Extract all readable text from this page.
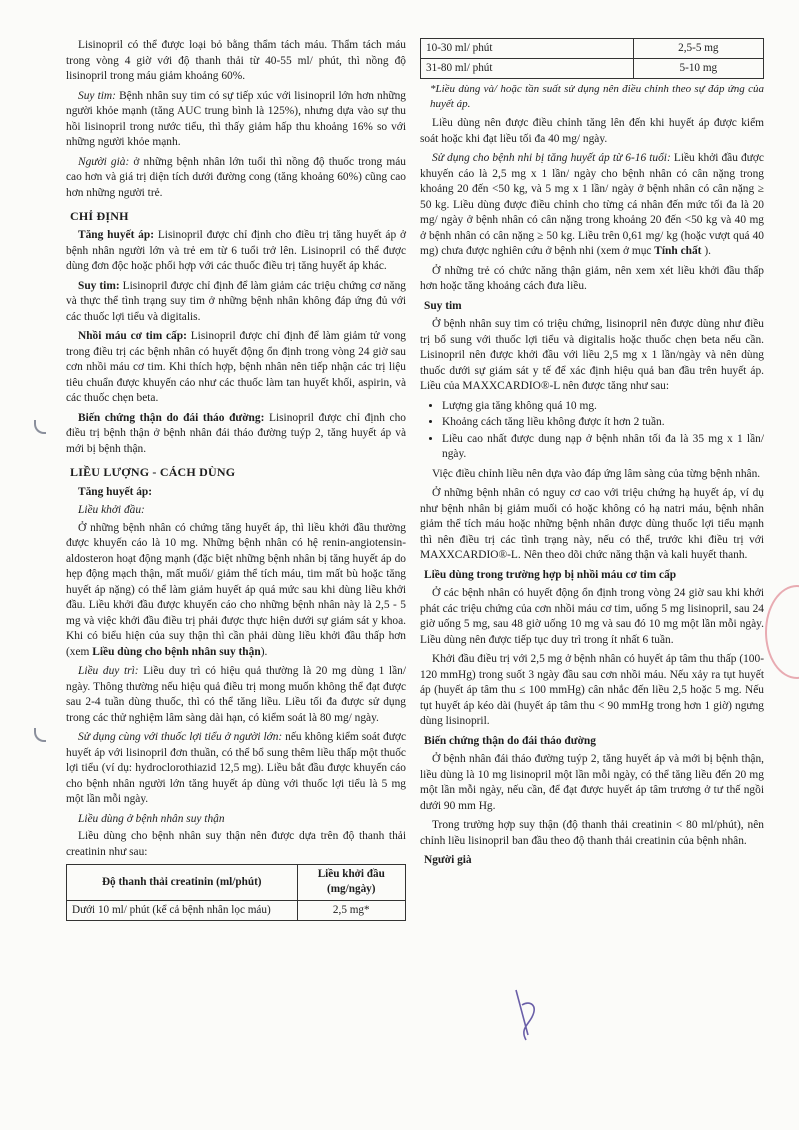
Lisinopril có thể được loại bỏ bằng thẩm tách máu. Thẩm tách máu trong vòng 4 giờ với độ thanh thải từ 40-55 ml/ phút, thì nồng độ lisinopril trong máu giảm khoảng 60%.

Suy tim: Bệnh nhân suy tim có sự tiếp xúc với lisinopril lớn hơn những người khỏe mạnh (tăng AUC trung bình là 125%), nhưng dựa vào sự thu hồi lisinopril trong nước tiểu, thì thấy giảm hấp thu khoảng 16% so với những người khỏe mạnh.

Người già: ở những bệnh nhân lớn tuổi thì nồng độ thuốc trong máu cao hơn và giá trị diện tích dưới đường cong (tăng khoảng 60%) cũng cao hơn những người trẻ.

CHỈ ĐỊNH

Tăng huyết áp: Lisinopril được chỉ định cho điều trị tăng huyết áp ở bệnh nhân người lớn và trẻ em từ 6 tuổi trở lên. Lisinopril có thể được dùng đơn độc hoặc phối hợp với các thuốc điều trị tăng huyết áp khác.

Suy tim: Lisinopril được chỉ định để làm giảm các triệu chứng cơ năng và thực thể tình trạng suy tim ở những bệnh nhân không đáp ứng đủ với các thuốc lợi tiểu và digitalis.

Nhồi máu cơ tim cấp: Lisinopril được chỉ định để làm giảm tử vong trong điều trị các bệnh nhân có huyết động ổn định trong vòng 24 giờ sau cơn nhồi máu cơ tim. Khi thích hợp, bệnh nhân nên tiếp nhận các trị liệu tiêu chuẩn được khuyến cáo như các thuốc làm tan huyết khối, aspirin, và các thuốc chẹn beta.

Biến chứng thận do đái tháo đường: Lisinopril được chỉ định cho điều trị bệnh thận ở bệnh nhân đái tháo đường tuýp 2, tăng huyết áp và mới bị bệnh thận.

LIỀU LƯỢNG - CÁCH DÙNG
Tăng huyết áp:
Liều khởi đầu:

Ở những bệnh nhân có chứng tăng huyết áp, thì liều khởi đầu thường được khuyến cáo là 10 mg. Những bệnh nhân có hệ renin-angiotensin-aldosteron hoạt động mạnh (đặc biệt những bệnh nhân bị tăng huyết áp do hẹp động mạch thận, mất muối/ giảm thể tích máu, tim mất bù hoặc tăng huyết áp nặng) có thể làm giảm huyết áp quá mức sau khi dùng liều khởi đầu. Liều khởi đầu được khuyến cáo cho những bệnh nhân này là 2,5 - 5 mg và việc khởi đầu điều trị phải được thực hiện dưới sự giám sát y khoa. Khi có biểu hiện của suy thận thì cần phải dùng liều khởi đầu thấp hơn (xem Liều dùng cho bệnh nhân suy thận).

Liều duy trì: Liều duy trì có hiệu quả thường là 20 mg dùng 1 lần/ ngày. Thông thường nếu hiệu quả điều trị mong muốn không thể đạt được sau 2-4 tuần dùng thuốc, thì có thể tăng liều. Liều tối đa được sử dụng trong các thử nghiệm lâm sàng dài hạn, có kiểm soát là 80 mg/ ngày.

Sử dụng cùng với thuốc lợi tiểu ở người lớn: nếu không kiểm soát được huyết áp với lisinopril đơn thuần, có thể bổ sung thêm liều thấp một thuốc lợi tiểu (ví dụ: hydroclorothiazid 12,5 mg). Liều bắt đầu được khuyến cáo cho bệnh nhân người lớn tăng huyết áp dùng với thuốc lợi tiểu là 5 mg một lần mỗi ngày.

Liều dùng ở bệnh nhân suy thận

Liều dùng cho bệnh nhân suy thận nên được dựa trên độ thanh thải creatinin như sau:

Độ thanh thải creatinin (ml/phút)	Liều khởi đầu (mg/ngày)
Dưới 10 ml/ phút (kể cả bệnh nhân lọc máu)	2,5 mg*
10-30 ml/ phút	2,5-5 mg
31-80 ml/ phút	5-10 mg

*Liều dùng và/ hoặc tần suất sử dụng nên điều chỉnh theo sự đáp ứng của huyết áp.

Liều dùng nên được điều chỉnh tăng lên đến khi huyết áp được kiểm soát hoặc khi đạt liều tối đa 40 mg/ ngày.

Sử dụng cho bệnh nhi bị tăng huyết áp từ 6-16 tuổi: Liều khởi đầu được khuyến cáo là 2,5 mg x 1 lần/ ngày cho bệnh nhân có cân nặng trong khoảng 20 đến <50 kg, và 5 mg x 1 lần/ ngày ở bệnh nhân có cân nặng ≥ 50 kg. Liều dùng được điều chỉnh cho từng cá nhân đến mức tối đa là 20 mg/ ngày ở bệnh nhân có cân nặng trong khoảng 20 đến <50 kg và 40 mg ở bệnh nhân có cân nặng ≥ 50 kg. Liều trên 0,61 mg/ kg (hoặc vượt quá 40 mg) chưa được nghiên cứu ở bệnh nhi (xem ở mục Tính chất ).

Ở những trẻ có chức năng thận giảm, nên xem xét liều khởi đầu thấp hơn hoặc tăng khoảng cách đưa liều.

Suy tim

Ở bệnh nhân suy tim có triệu chứng, lisinopril nên được dùng như điều trị bổ sung với thuốc lợi tiểu và digitalis hoặc thuốc chẹn beta nếu cần. Lisinopril nên được khởi đầu với liều 2,5 mg x 1 lần/ngày và nên dùng thuốc dưới sự giám sát y tế để xác định hiệu quả ban đầu trên huyết áp. Liều của MAXXCARDIO®-L nên được tăng như sau:

• Lượng gia tăng không quá 10 mg.
• Khoảng cách tăng liều không được ít hơn 2 tuần.
• Liều cao nhất được dung nạp ở bệnh nhân tối đa là 35 mg x 1 lần/ ngày.

Việc điều chỉnh liều nên dựa vào đáp ứng lâm sàng của từng bệnh nhân.

Ở những bệnh nhân có nguy cơ cao với triệu chứng hạ huyết áp, ví dụ như bệnh nhân bị giảm muối có hoặc không có hạ natri máu, bệnh nhân giảm thể tích máu hoặc những bệnh nhân được dùng thuốc lợi tiểu mạnh thì nên điều trị các tình trạng này, nếu có thể, trước khi điều trị với MAXXCARDIO®-L. Nên theo dõi chức năng thận và kali huyết thanh.

Liều dùng trong trường hợp bị nhồi máu cơ tim cấp

Ở các bệnh nhân có huyết động ổn định trong vòng 24 giờ sau khi khởi phát các triệu chứng của cơn nhồi máu cơ tim, uống 5 mg lisinopril, sau 24 giờ uống 5 mg, sau 48 giờ uống 10 mg và sau đó 10 mg một lần mỗi ngày. Liều dùng nên được tiếp tục duy trì trong ít nhất 6 tuần.

Khởi đầu điều trị với 2,5 mg ở bệnh nhân có huyết áp tâm thu thấp (100-120 mmHg) trong suốt 3 ngày đầu sau cơn nhồi máu. Nếu xảy ra tụt huyết áp (huyết áp tâm thu ≤ 100 mmHg) cân nhắc đến liều 2,5 hoặc 5 mg. Nếu tụt huyết áp kéo dài (huyết áp tâm thu < 90 mmHg trong hơn 1 giờ) ngưng dùng lisinopril.

Biến chứng thận do đái tháo đường

Ở bệnh nhân đái tháo đường tuýp 2, tăng huyết áp và mới bị bệnh thận, liều dùng là 10 mg lisinopril một lần mỗi ngày, có thể tăng liều đến 20 mg một lần mỗi ngày, nếu cần, để đạt được huyết áp tâm trương ở tư thế ngồi dưới 90 mm Hg.

Trong trường hợp suy thận (độ thanh thải creatinin < 80 ml/phút), nên chỉnh liều lisinopril ban đầu theo độ thanh thải creatinin của bệnh nhân.

Người già
